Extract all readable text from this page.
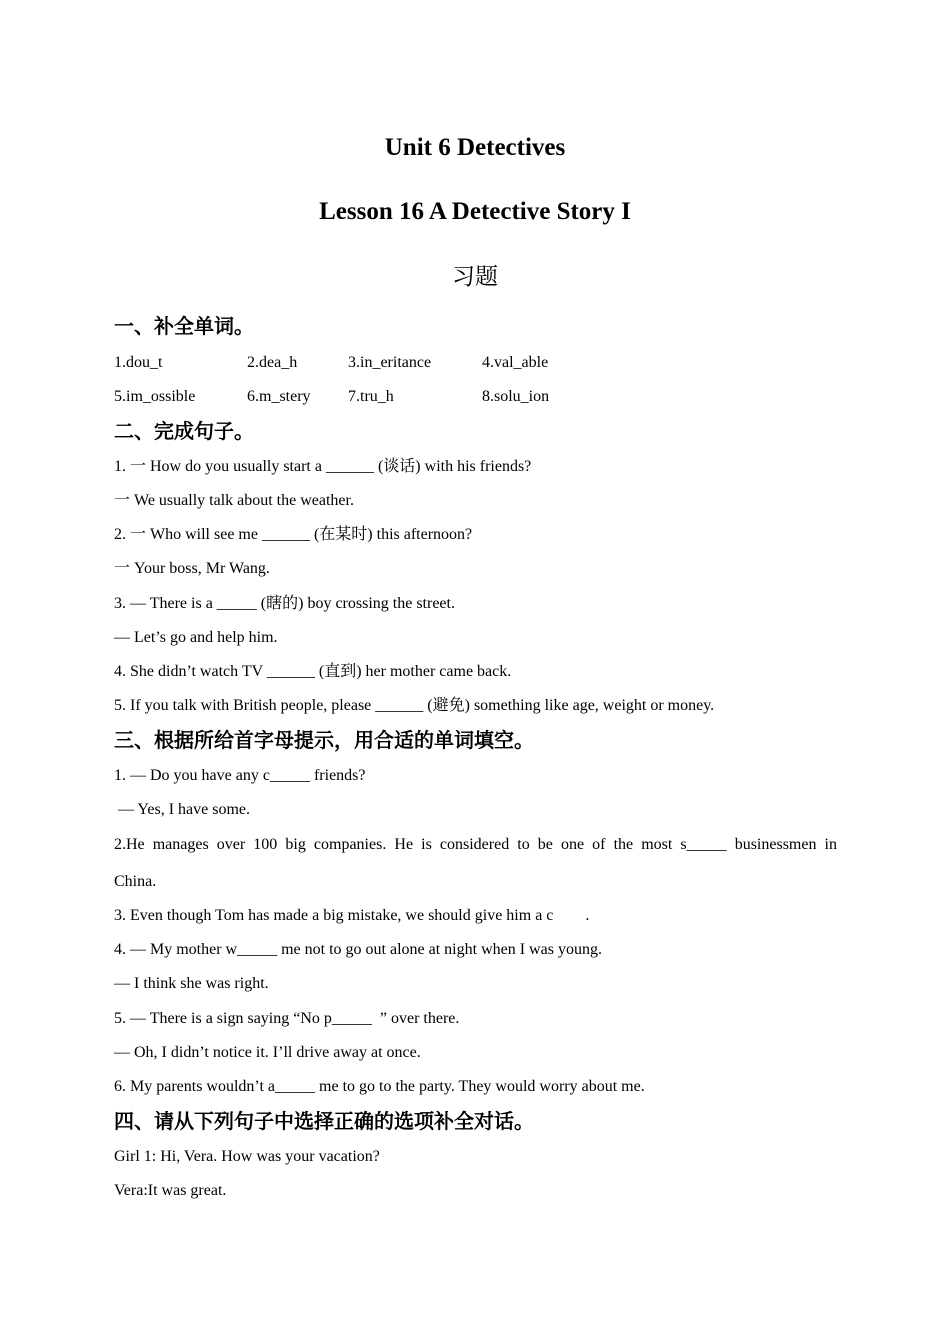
Unit 6 Detectives
Lesson 16 A Detective Story I
习题
一、补全单词。
1.dou_t	2.dea_h	3.in_eritance	4.val_able
5.im_ossible	6.m_stery 7.tru_h	8.solu_ion
二、完成句子。

1. 一 How do you usually start a ______ (谈话) with his friends?

一 We usually talk about the weather.

2. 一 Who will see me ______ (在某时) this afternoon?

一 Your boss, Mr Wang.

3. — There is a _____ (瞎的) boy crossing the street.

— Let’s go and help him.

4. She didn’t watch TV ______ (直到) her mother came back.

5. If you talk with British people, please ______ (避免) something like age, weight or money.

三、根据所给首字母提示，用合适的单词填空。

1. — Do you have any c_____ friends?

— Yes, I have some.

2.He manages over 100 big companies. He is considered to be one of the most s_____ businessmen in

China.

3. Even though Tom has made a big mistake, we should give him a c        .

4. — My mother w_____ me not to go out alone at night when I was young.

— I think she was right.

5. — There is a sign saying “No p_____  ” over there.

— Oh, I didn’t notice it. I’ll drive away at once.

6. My parents wouldn’t a_____ me to go to the party. They would worry about me.

四、请从下列句子中选择正确的选项补全对话。

Girl 1: Hi, Vera. How was your vacation?

Vera:It was great.
